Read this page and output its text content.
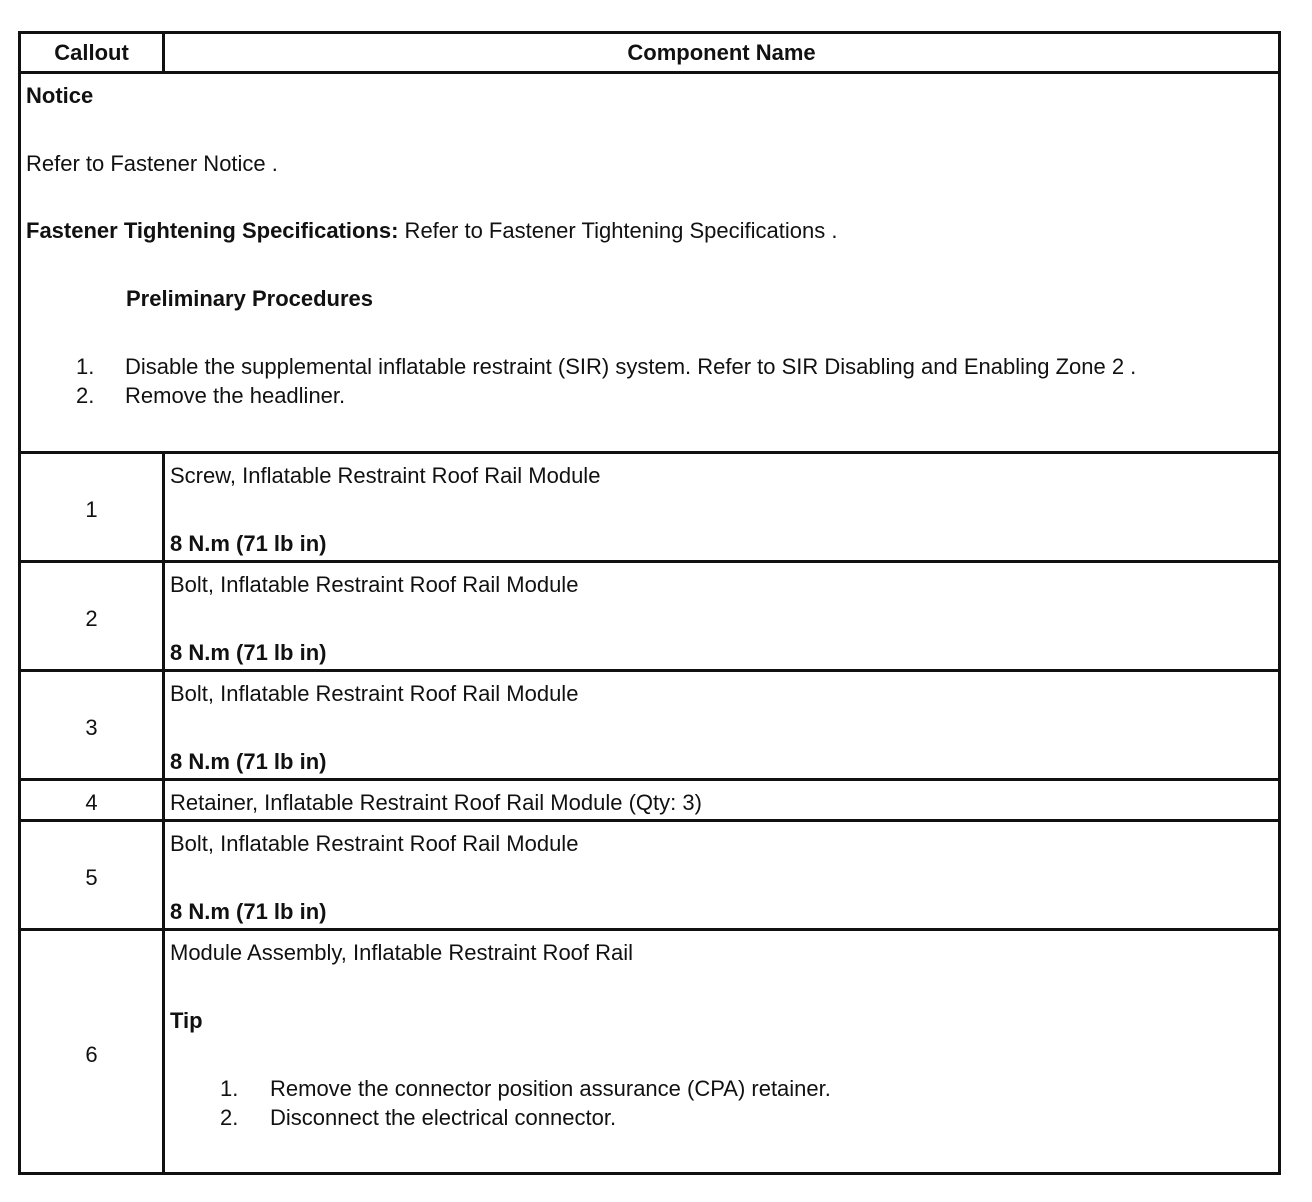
Callout	Component Name
Notice
Refer to Fastener Notice .
Fastener Tightening Specifications: Refer to Fastener Tightening Specifications .
Preliminary Procedures
1. Disable the supplemental inflatable restraint (SIR) system. Refer to SIR Disabling and Enabling Zone 2 .
2. Remove the headliner.
1
Screw, Inflatable Restraint Roof Rail Module
8 N.m (71 lb in)
2
Bolt, Inflatable Restraint Roof Rail Module
8 N.m (71 lb in)
3
Bolt, Inflatable Restraint Roof Rail Module
8 N.m (71 lb in)
4	Retainer, Inflatable Restraint Roof Rail Module (Qty: 3)
5
Bolt, Inflatable Restraint Roof Rail Module
8 N.m (71 lb in)
6
Module Assembly, Inflatable Restraint Roof Rail
Tip
1. Remove the connector position assurance (CPA) retainer.
2. Disconnect the electrical connector.
